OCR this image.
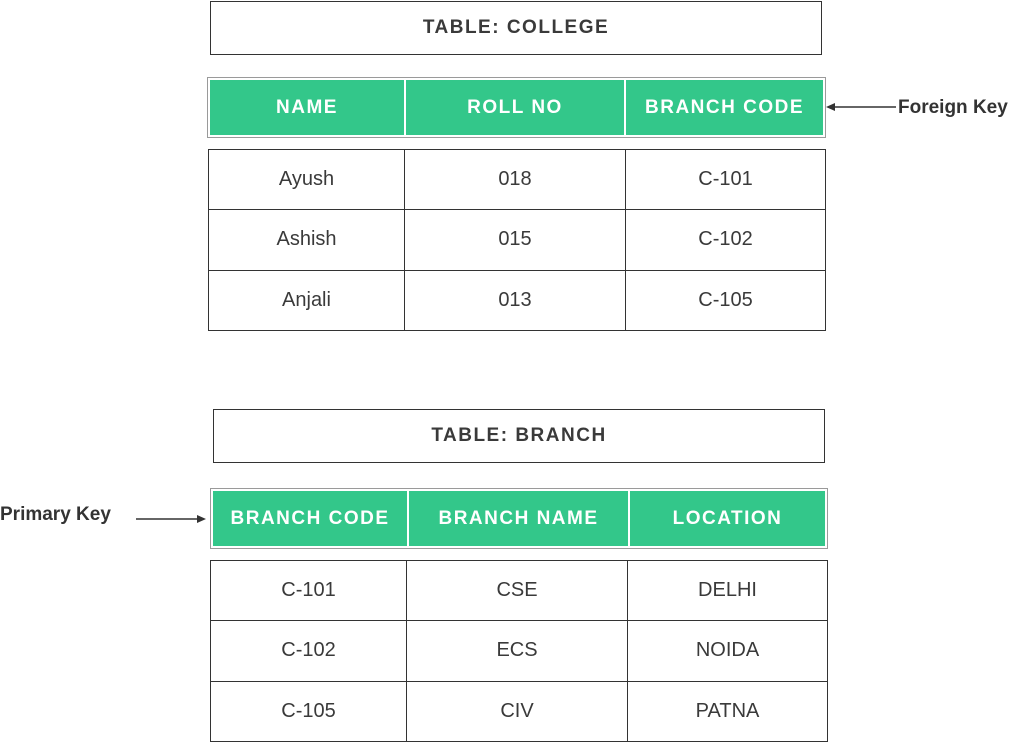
TABLE: COLLEGE
NAME	ROLL NO	BRANCH CODE	Foreign Key
Ayush	018	C-101
Ashish	015	C-102
Anjali	013	C-105
TABLE: BRANCH
Primary Key	BRANCH CODE	BRANCH NAME	LOCATION
C-101	CSE	DELHI
C-102	ECS	NOIDA
C-105	CIV	PATNA
